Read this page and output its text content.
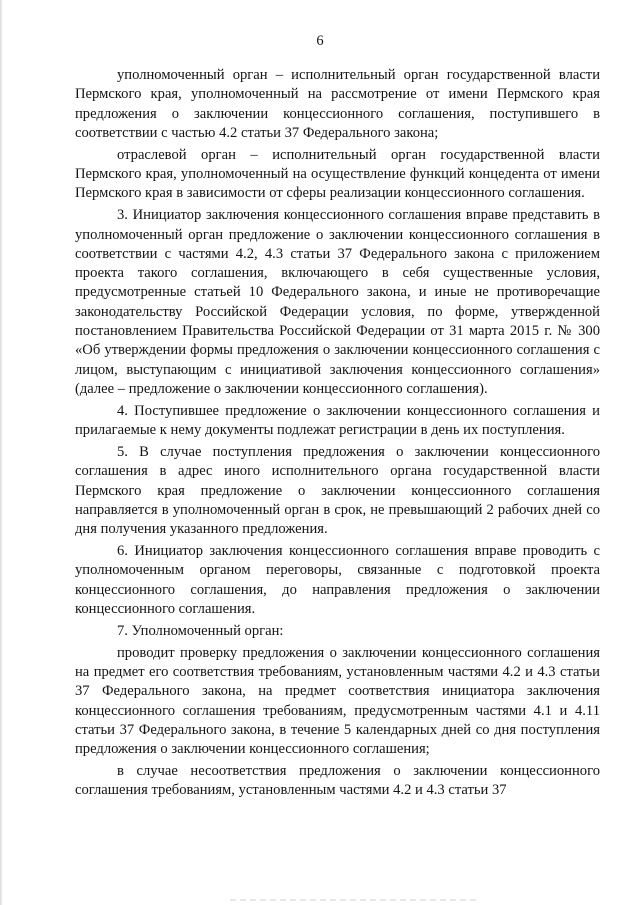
6

уполномоченный орган – исполнительный орган государственной власти Пермского края, уполномоченный на рассмотрение от имени Пермского края предложения о заключении концессионного соглашения, поступившего в соответствии с частью 4.2 статьи 37 Федерального закона;

отраслевой орган – исполнительный орган государственной власти Пермского края, уполномоченный на осуществление функций концедента от имени Пермского края в зависимости от сферы реализации концессионного соглашения.

3. Инициатор заключения концессионного соглашения вправе представить в уполномоченный орган предложение о заключении концессионного соглашения в соответствии с частями 4.2, 4.3 статьи 37 Федерального закона с приложением проекта такого соглашения, включающего в себя существенные условия, предусмотренные статьей 10 Федерального закона, и иные не противоречащие законодательству Российской Федерации условия, по форме, утвержденной постановлением Правительства Российской Федерации от 31 марта 2015 г. № 300 «Об утверждении формы предложения о заключении концессионного соглашения с лицом, выступающим с инициативой заключения концессионного соглашения» (далее – предложение о заключении концессионного соглашения).

4. Поступившее предложение о заключении концессионного соглашения и прилагаемые к нему документы подлежат регистрации в день их поступления.

5. В случае поступления предложения о заключении концессионного соглашения в адрес иного исполнительного органа государственной власти Пермского края предложение о заключении концессионного соглашения направляется в уполномоченный орган в срок, не превышающий 2 рабочих дней со дня получения указанного предложения.

6. Инициатор заключения концессионного соглашения вправе проводить с уполномоченным органом переговоры, связанные с подготовкой проекта концессионного соглашения, до направления предложения о заключении концессионного соглашения.

7. Уполномоченный орган:

проводит проверку предложения о заключении концессионного соглашения на предмет его соответствия требованиям, установленным частями 4.2 и 4.3 статьи 37 Федерального закона, на предмет соответствия инициатора заключения концессионного соглашения требованиям, предусмотренным частями 4.1 и 4.11 статьи 37 Федерального закона, в течение 5 календарных дней со дня поступления предложения о заключении концессионного соглашения;

в случае несоответствия предложения о заключении концессионного соглашения требованиям, установленным частями 4.2 и 4.3 статьи 37
